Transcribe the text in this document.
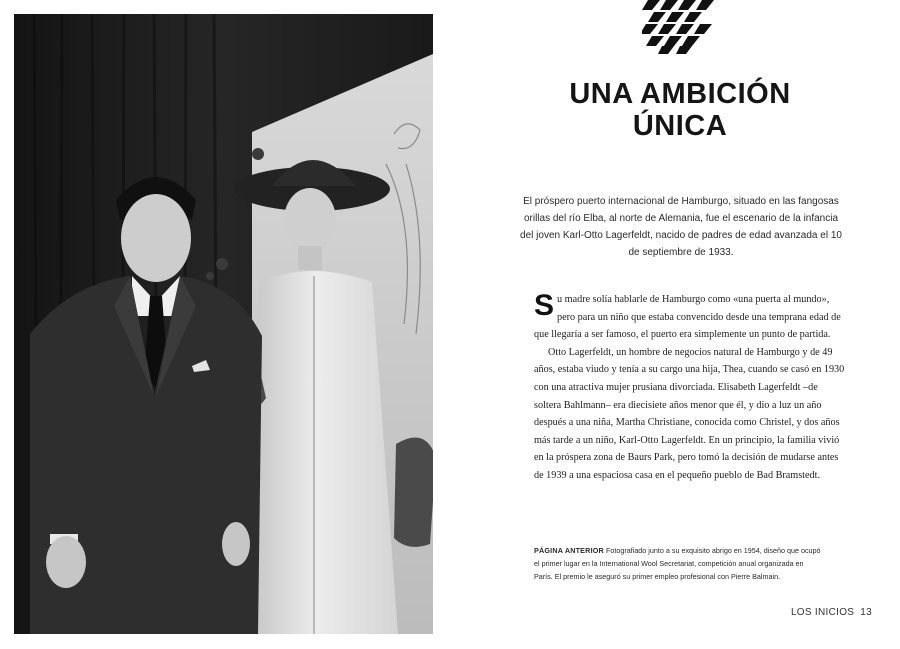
UNA AMBICIÓN
ÚNICA
El próspero puerto internacional de Hamburgo, situado en las fangosas orillas del río Elba, al norte de Alemania, fue el escenario de la infancia del joven Karl-Otto Lagerfeldt, nacido de padres de edad avanzada el 10 de septiembre de 1933.

Su madre solía hablarle de Hamburgo como «una puerta al mundo», pero para un niño que estaba convencido desde una temprana edad de que llegaría a ser famoso, el puerto era simplemente un punto de partida.

Otto Lagerfeldt, un hombre de negocios natural de Hamburgo y de 49 años, estaba viudo y tenía a su cargo una hija, Thea, cuando se casó en 1930 con una atractiva mujer prusiana divorciada. Elisabeth Lagerfeldt –de soltera Bahlmann– era diecisiete años menor que él, y dio a luz un año después a una niña, Martha Christiane, conocida como Christel, y dos años más tarde a un niño, Karl-Otto Lagerfeldt. En un principio, la familia vivió en la próspera zona de Baurs Park, pero tomó la decisión de mudarse antes de 1939 a una espaciosa casa en el pequeño pueblo de Bad Bramstedt.

PÁGINA ANTERIOR Fotografiado junto a su exquisito abrigo en 1954, diseño que ocupó el primer lugar en la International Wool Secretariat, competición anual organizada en París. El premio le aseguró su primer empleo profesional con Pierre Balmain.
LOS INICIOS 13
